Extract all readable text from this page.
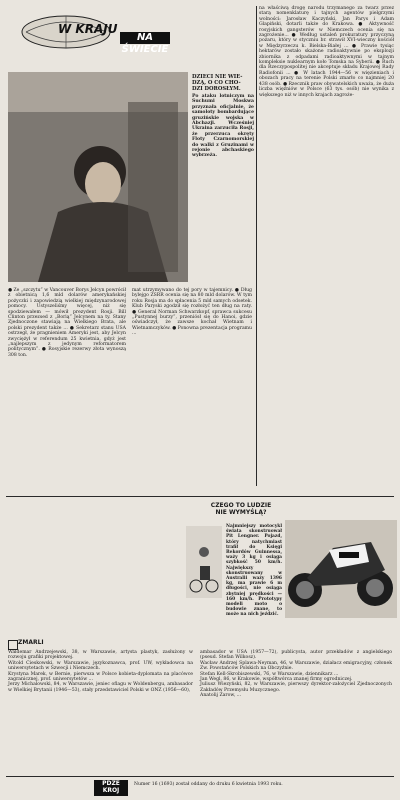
W KRAJU
NA ŚWIECIE
DZIECI NIE WIE-
DZĄ, O CO CHO-
DZI DOROSŁYM.
Po ataku lotniczym na Suchumi Moskwa przyznała oficjalnie, że samoloty bombardujące gruzińskie wojska w Abchazji. Wcześniej Ukraina zarzuciła Rosji, że przerzuca okręty Floty Czarnomorskiej do walki z Gruzinami w rejonie abchaskiego wybrzeża.
na właściwą drogę narodu trzymanego za twarz przez starą nomenklaturę i tajnych agentów pielgrzymi wolności: Jarosław Kaczyński, Jan Parys i Adam Glapiński, dotarli także do Krakowa. ● Aktywność rosyjskich gangsterów w Niemczech ocenia się na zagrożenie... ● Według ustaleń prokuratury przyczyną pożaru, który w styczniu br. strawił XVI-wieczny kościół w Międzyrzeczu k. Bielska-Białej ... ● Prawie tysiąc hektarów zostało skażone radioaktywnie po eksplozji zbiornika z odpadami radioaktywnymi w tajnym kompleksie nuklearnym koło Tomska na Syberii. ● Ruch dla Rzeczypospolitej nie akceptuje składu Krajowej Rady Radiofonii ... ● W latach 1944—56 w więzieniach i obozach pracy na terenie Polski zmarło co najmniej 20 438 osób. ● Rzecznik praw obywatelskich uważa, że duża liczba więźniów w Polsce (63 tys. osób) nie wynika z większego niż w innych krajach zagroże-
● Ze „szczytu” w Vancouver Borys Jelcyn powrócił z obietnicą 1,6 mld dolarów amerykańskiej pożyczki i zapowiedzią wielkiej międzynarodowej pomocy. Ustyszeliśmy więcej, niż się spodziewałem — mówił prezydent Rosji. Bill Clinton przezsed z „Borią” Jelcynem na ty. Stany Zjednoczone stawiają na Wielkiego Brata, ale polski prezydent także ... ● Sekretarz stanu USA ostrzegł, że pragnieniem Ameryki jest, aby Jelcyn zwyciężył w referendum 25 kwietnia, gdyż jest „najlepszym z jedynym reformatorem politycznym”. ● Rosyjskie rezerwy złota wynoszą 308 ton.
mat utrzymywano do tej pory w tajemnicy. ● Dług bylejgo ZSRR ocenia się na 80 mld dolarów. W tym roku Rosja ma do spłacenia 5 mld samych odsetek. Klub Paryski zgodził się rozłożyć ten dług na raty. ● General Norman Schwarzkopf, sprawca sukcesu „Pustynnej burzy”, przeniósł się do Hanoi, gdzie oświadczył, że zawsze kochał Wietnam i Wietnamczyków. ● Ponowna prezentacja programu ...
CZEGO TO LUDZIE
NIE WYMYŚLĄ?
Najmniejszy motocykl świata skonstruował Pit Lengner. Pojazd, który natychmiast trafił do Księgi Rekordów Guinnessa, waży 3 kg i osiąga szybkość 50 km/h. Największy skonstruowany w Australii waży 1396 kg, ma prawie 6 m długości, nie osiąga zbytniej prędkości — 160 km/h. Prototypy modeli moto o budowie znane, to może na nich jeździć.
ZMARLI
Waldemar Andrzejewski, 38, w Warszawie, artysta plastyk, zasłużony w rozwoju grafiki projektowej.
Witold Cieskowski, w Warszawie, językoznawca, prof. UW, wykładowca na uniwersytetach w Szwecji i Niemczech.
Krystyna Marek, w Bernie, pierwsza w Polsce kobieta-dyplomata na placówce zagranicznej, prof. uniwersytetów ...
Jerzy Michalowski, 84, w Warszawie, jeniec oflagu w Woldenbergu, ambasador w Wielkiej Brytanii (1946—53), stały przedstawiciel Polski w ONZ (1956—60),
ambasador w USA (1957—72), publicysta, autor przekładów z angielskiego (pseud. Stefan Wilkosz).
Wacław Andrzej Splawa-Neyman, 46, w Warszawie, działacz emigracyjny, członek Zw. Powstańców Polskich na Obczyźnie.
Stefan Kell-Skrobiszewski, 76, w Warszawie, dziennikarz ...
Jan Wegl, 86, w Krakowie, współtwórca znanej firmy ogrodniczej.
Juliusz Wiezyński, 82, w Warszawie, pierwszy dyrektor-założyciel Zjednoczonych Zakładów Przemysłu Muzycznego.
Anatolij Żarow, ...
PDZE
KROJ
Numer 16 (1693) został oddany do druku 6 kwietnia 1993 roku.
